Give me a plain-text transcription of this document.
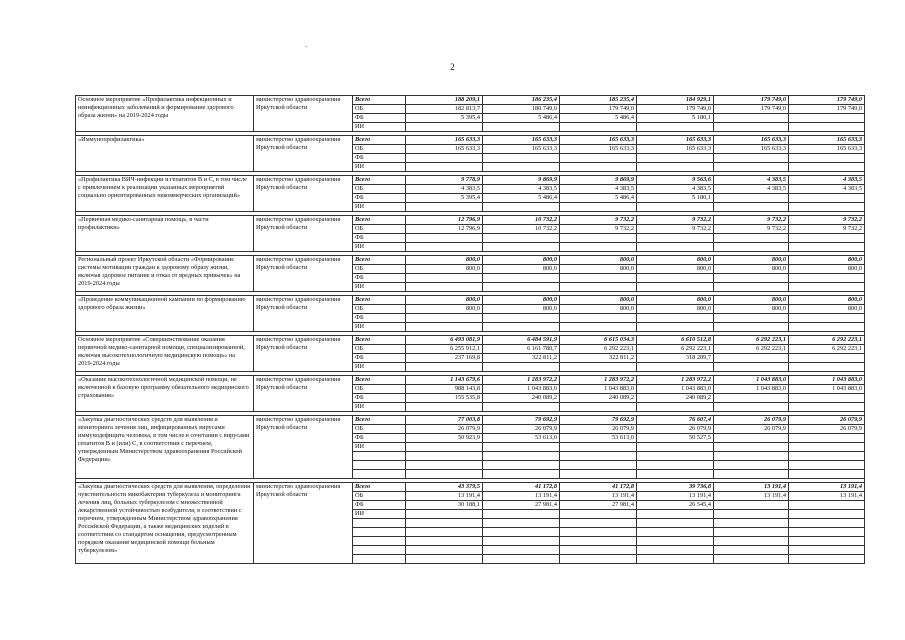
-
2
Основное мероприятие «Профилактика инфекционных и неинфекционных заболеваний и формирование здорового образа жизни» на 2019-2024 годы	министерство здравоохранения Иркутской области	Всего	188 209,1	186 235,4	185 235,4	184 929,1	179 749,0	179 749,0
		ОБ	182 813,7	180 749,0	179 749,0	179 749,0	179 749,0	179 749,0
		ФБ	5 395,4	5 486,4	5 486,4	5 180,1		
		ИИ						

«Иммунопрофилактика»	министерство здравоохранения Иркутской области	Всего	165 633,3	165 633,3	165 633,3	165 633,3	165 633,3	165 633,3
		ОБ	165 633,3	165 633,3	165 633,3	165 633,3	165 633,3	165 633,3
		ФБ						
		ИИ						

«Профилактика ВИЧ-инфекции и гепатитов В и С, в том числе с привлечением к реализации указанных мероприятий социально ориентированных некоммерческих организаций»	министерство здравоохранения Иркутской области	Всего	9 778,9	9 869,9	9 869,9	9 563,6	4 383,5	4 383,5
		ОБ	4 383,5	4 383,5	4 383,5	4 383,5	4 383,5	4 383,5
		ФБ	5 395,4	5 486,4	5 486,4	5 180,1		
		ИИ						

«Первичная медико-санитарная помощь, в части профилактики»	министерство здравоохранения Иркутской области	Всего	12 796,9	10 732,2	9 732,2	9 732,2	9 732,2	9 732,2
		ОБ	12 796,9	10 732,2	9 732,2	9 732,2	9 732,2	9 732,2
		ФБ						
		ИИ						

Региональный проект Иркутской области «Формирование системы мотивации граждан к здоровому образу жизни, включая здоровое питание и отказ от вредных привычек» на 2019-2024 годы	министерство здравоохранения Иркутской области	Всего	800,0	800,0	800,0	800,0	800,0	800,0
		ОБ	800,0	800,0	800,0	800,0	800,0	800,0
		ФБ						
		ИИ						

«Проведение коммуникационной кампании по формированию здорового образа жизни»	министерство здравоохранения Иркутской области	Всего	800,0	800,0	800,0	800,0	800,0	800,0
		ОБ	800,0	800,0	800,0	800,0	800,0	800,0
		ФБ						
		ИИ						

Основное мероприятие «Совершенствование оказания первичной медико-санитарной помощи, специализированной, включая высокотехнологичную медицинскую помощь» на 2019-2024 годы	министерство здравоохранения Иркутской области	Всего	6 493 081,9	6 484 591,9	6 615 034,3	6 610 512,8	6 292 223,1	6 292 223,1
		ОБ	6 255 912,1	6 161 780,7	6 292 223,1	6 292 223,1	6 292 223,1	6 292 223,1
		ФБ	237 169,8	322 811,2	322 811,2	318 289,7		
		ИИ						

«Оказание высокотехнологичной медицинской помощи, не включенной в базовую программу обязательного медицинского страхования»	министерство здравоохранения Иркутской области	Всего	1 143 679,6	1 283 972,2	1 283 972,2	1 283 972,2	1 043 883,0	1 043 883,0
		ОБ	988 143,8	1 043 883,0	1 043 883,0	1 043 883,0	1 043 883,0	1 043 883,0
		ФБ	155 535,8	240 089,2	240 089,2	240 089,2		
		ИИ						

«Закупка диагностических средств для выявления и мониторинга лечения лиц, инфицированных вирусами иммунодефицита человека, в том числе в сочетании с вирусами гепатитов В и (или) С, в соответствии с перечнем, утвержденным Министерством здравоохранения Российской Федерации»	министерство здравоохранения Иркутской области	Всего	77 003,8	79 692,9	79 692,9	76 607,4	26 079,9	26 079,9
		ОБ	26 079,9	26 079,9	26 079,9	26 079,9	26 079,9	26 079,9
		ФБ	50 923,9	53 613,0	53 613,0	50 527,5		
		ИИ						

«Закупка диагностических средств для выявления, определения чувствительности микобактерии туберкулеза и мониторинга лечения лиц, больных туберкулезом с множественной лекарственной устойчивостью возбудителя, в соответствии с перечнем, утвержденным Министерством здравоохранения Российской Федерации, а также медицинских изделий в соответствии со стандартом оснащения, предусмотренным порядком оказания медицинской помощи больным туберкулезом»	министерство здравоохранения Иркутской области	Всего	43 379,5	41 172,8	41 172,8	39 736,8	13 191,4	13 191,4
		ОБ	13 191,4	13 191,4	13 191,4	13 191,4	13 191,4	13 191,4
		ФБ	30 188,1	27 981,4	27 981,4	26 545,4		
		ИИ						
